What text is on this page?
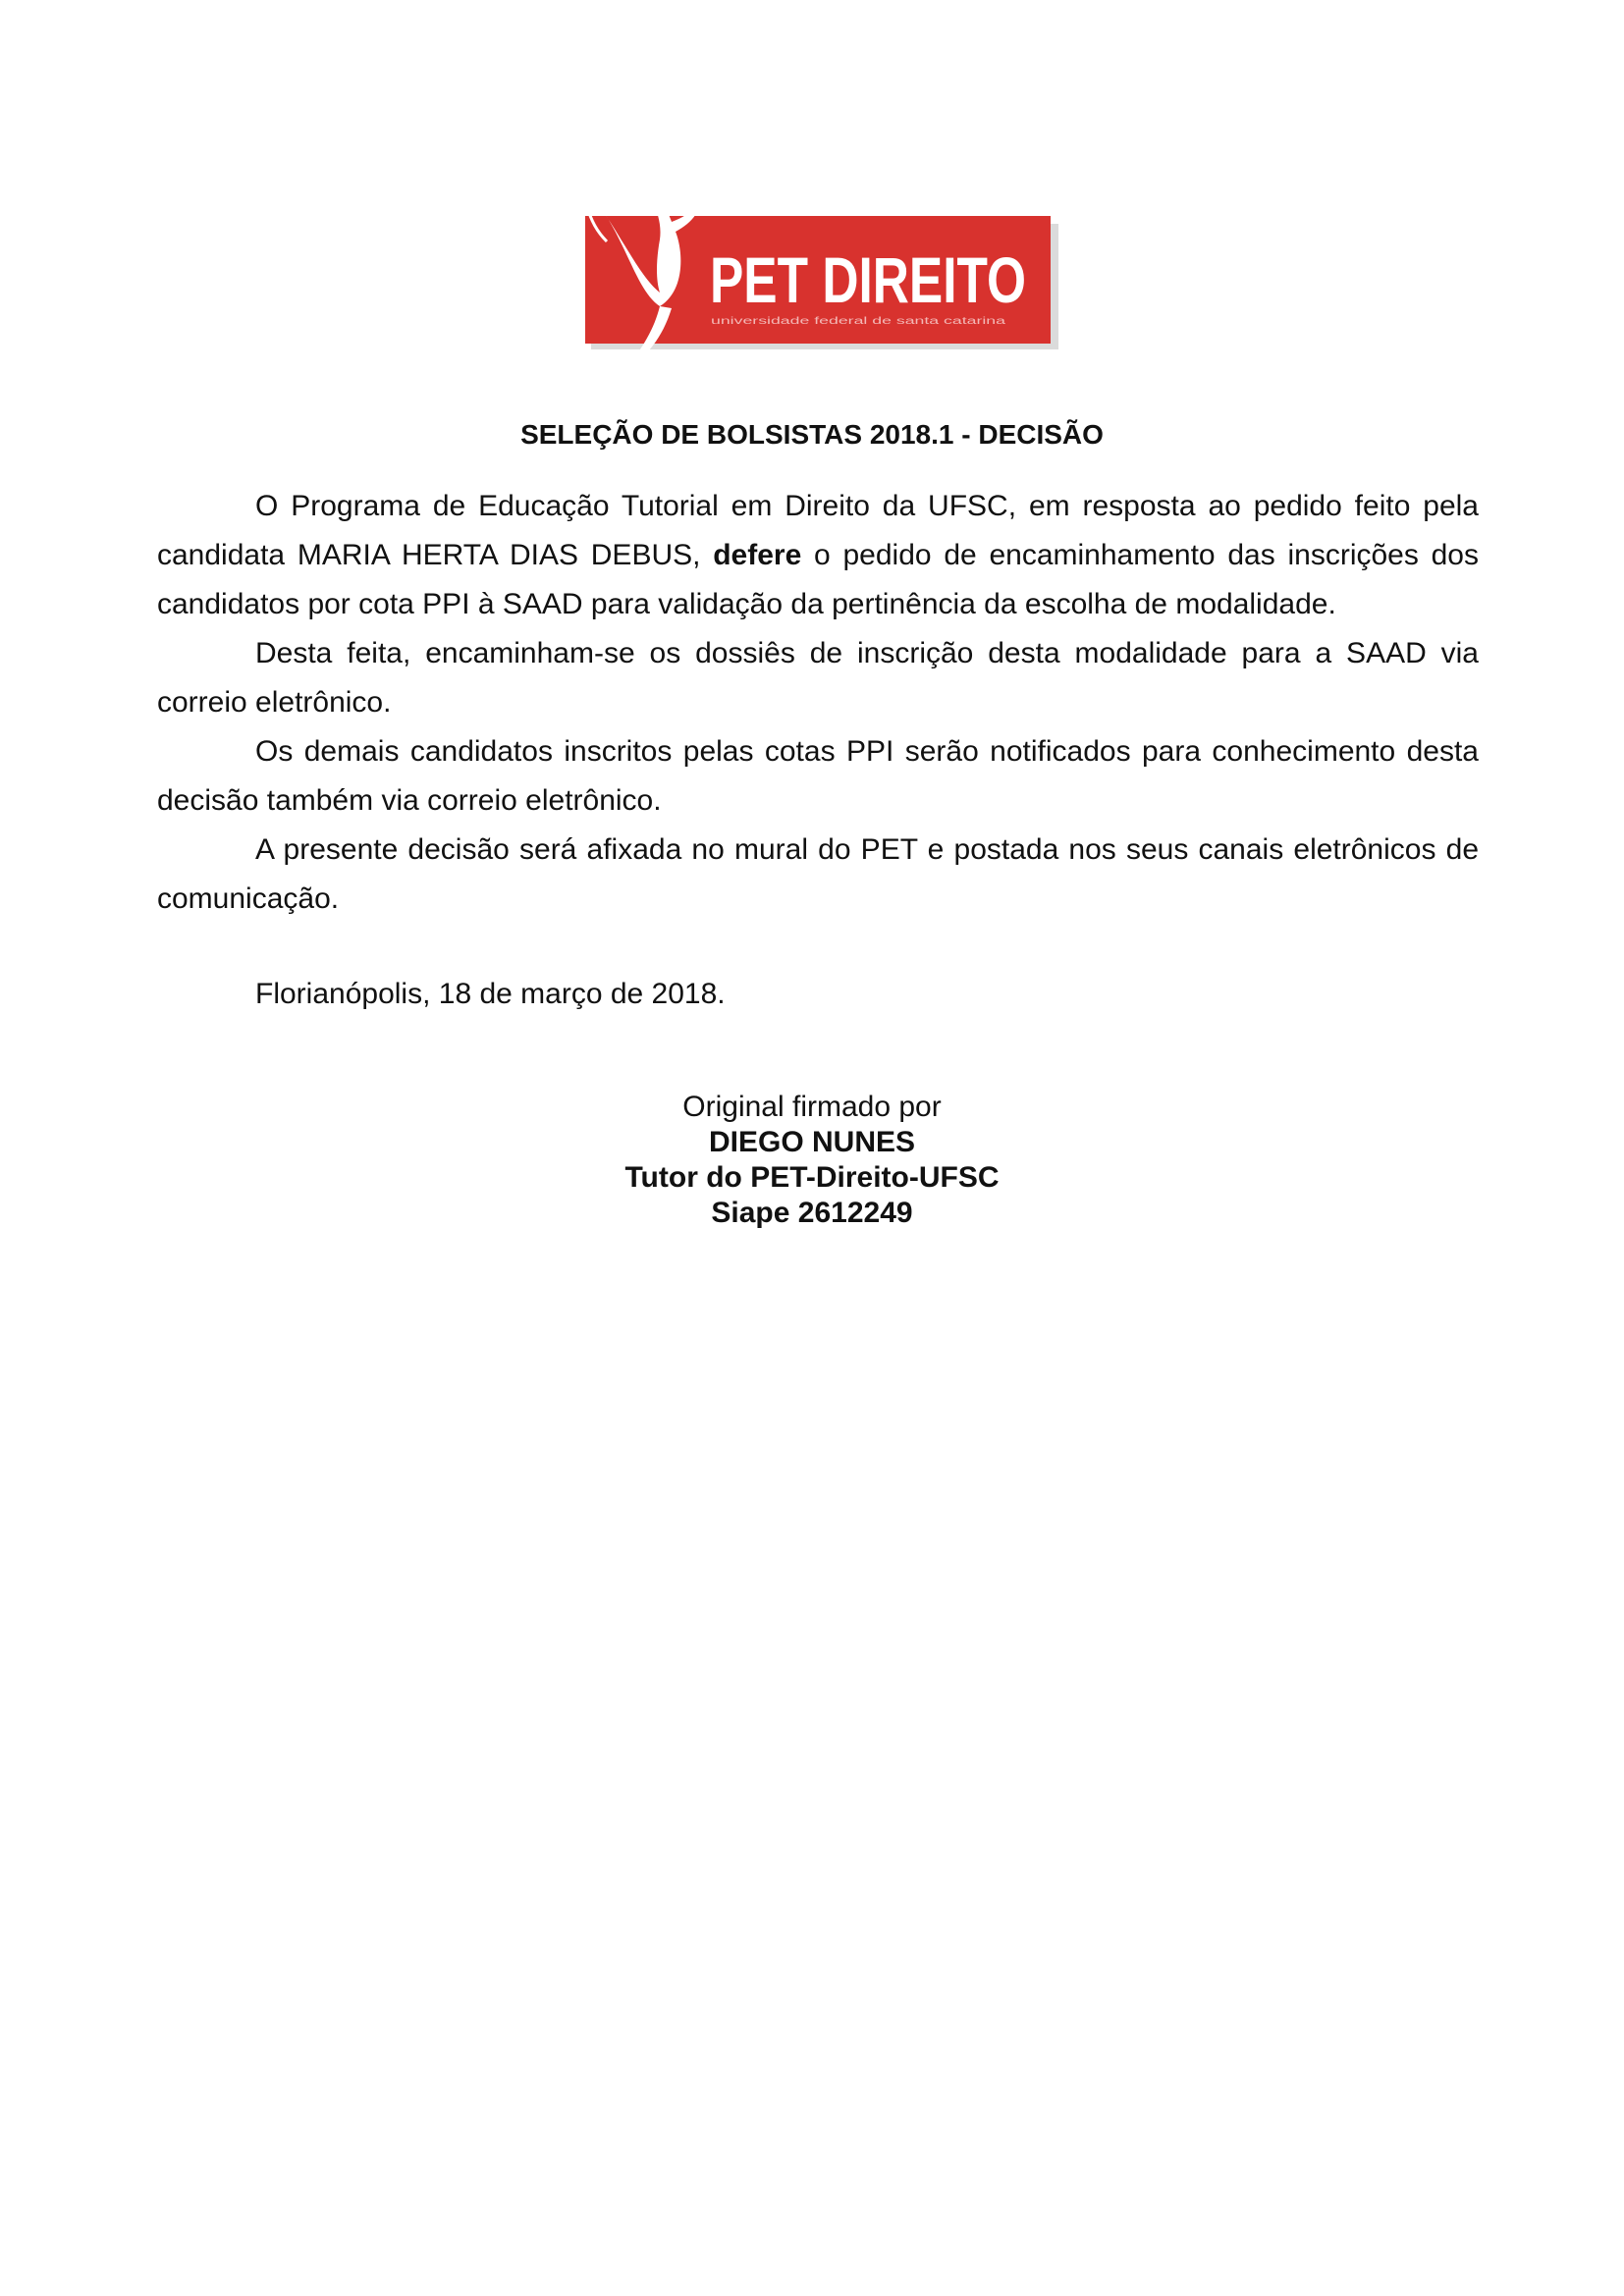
PET DIREITO
universidade federal de santa catarina
SELEÇÃO DE BOLSISTAS 2018.1 - DECISÃO

O Programa de Educação Tutorial em Direito da UFSC, em resposta ao pedido feito pela candidata MARIA HERTA DIAS DEBUS, defere o pedido de encaminhamento das inscrições dos candidatos por cota PPI à SAAD para validação da pertinência da escolha de modalidade.

Desta feita, encaminham-se os dossiês de inscrição desta modalidade para a SAAD via correio eletrônico.

Os demais candidatos inscritos pelas cotas PPI serão notificados para conhecimento desta decisão também via correio eletrônico.

A presente decisão será afixada no mural do PET e postada nos seus canais eletrônicos de comunicação.

Florianópolis, 18 de março de 2018.
Original firmado por
DIEGO NUNES
Tutor do PET-Direito-UFSC
Siape 2612249
